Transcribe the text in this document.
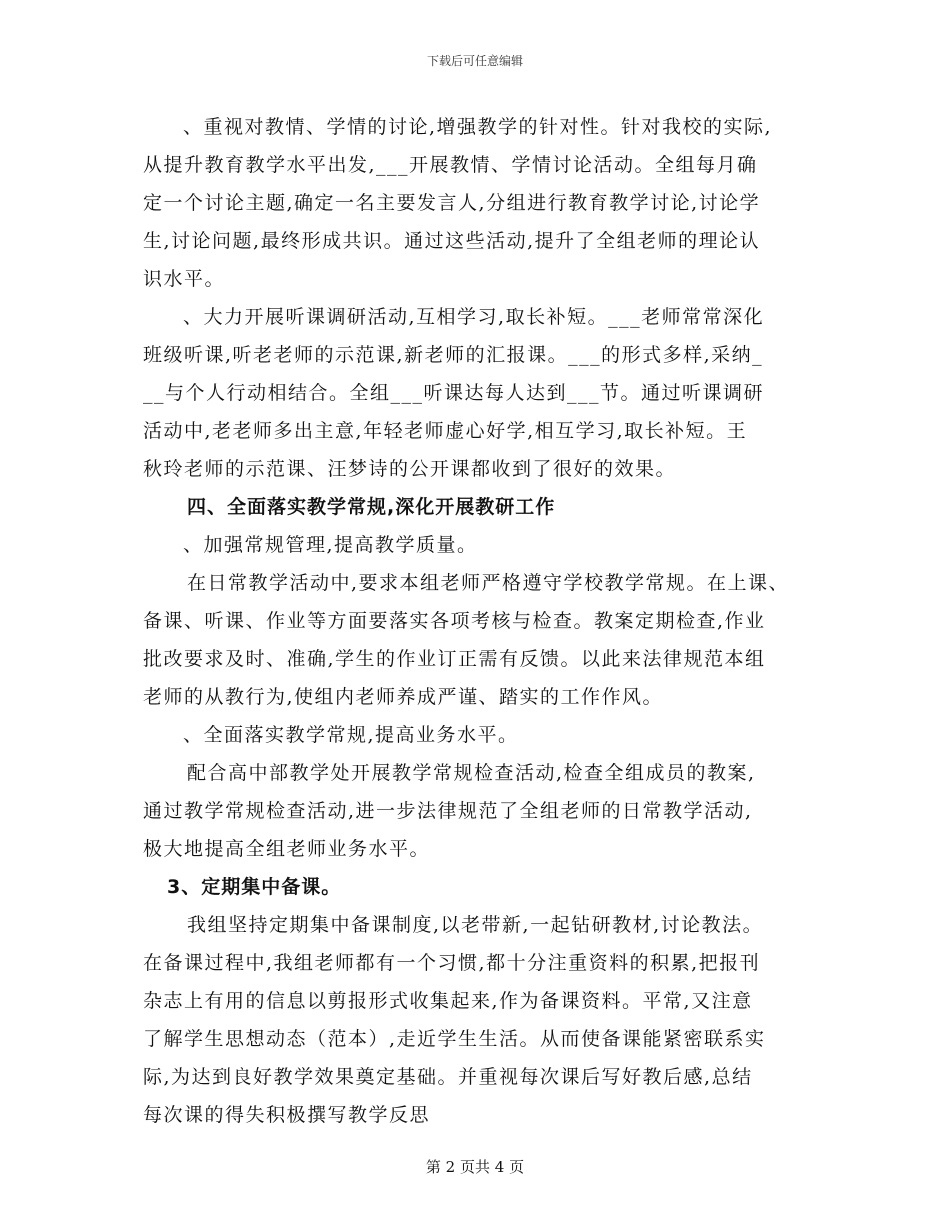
下载后可任意编辑
、重视对教情、学情的讨论,增强教学的针对性。针对我校的实际,
从提升教育教学水平出发,___开展教情、学情讨论活动。全组每月确
定一个讨论主题,确定一名主要发言人,分组进行教育教学讨论,讨论学
生,讨论问题,最终形成共识。通过这些活动,提升了全组老师的理论认
识水平。
、大力开展听课调研活动,互相学习,取长补短。___老师常常深化
班级听课,听老老师的示范课,新老师的汇报课。___的形式多样,采纳_
__与个人行动相结合。全组___听课达每人达到___节。通过听课调研
活动中,老老师多出主意,年轻老师虚心好学,相互学习,取长补短。王
秋玲老师的示范课、汪梦诗的公开课都收到了很好的效果。
四、全面落实教学常规,深化开展教研工作
、加强常规管理,提高教学质量。
在日常教学活动中,要求本组老师严格遵守学校教学常规。在上课、
备课、听课、作业等方面要落实各项考核与检查。教案定期检查,作业
批改要求及时、准确,学生的作业订正需有反馈。以此来法律规范本组
老师的从教行为,使组内老师养成严谨、踏实的工作作风。
、全面落实教学常规,提高业务水平。
配合高中部教学处开展教学常规检查活动,检查全组成员的教案,
通过教学常规检查活动,进一步法律规范了全组老师的日常教学活动,
极大地提高全组老师业务水平。
3、定期集中备课。
我组坚持定期集中备课制度,以老带新,一起钻研教材,讨论教法。
在备课过程中,我组老师都有一个习惯,都十分注重资料的积累,把报刊
杂志上有用的信息以剪报形式收集起来,作为备课资料。平常,又注意
了解学生思想动态（范本）,走近学生生活。从而使备课能紧密联系实
际,为达到良好教学效果奠定基础。并重视每次课后写好教后感,总结
每次课的得失积极撰写教学反思
第 2 页共 4 页
